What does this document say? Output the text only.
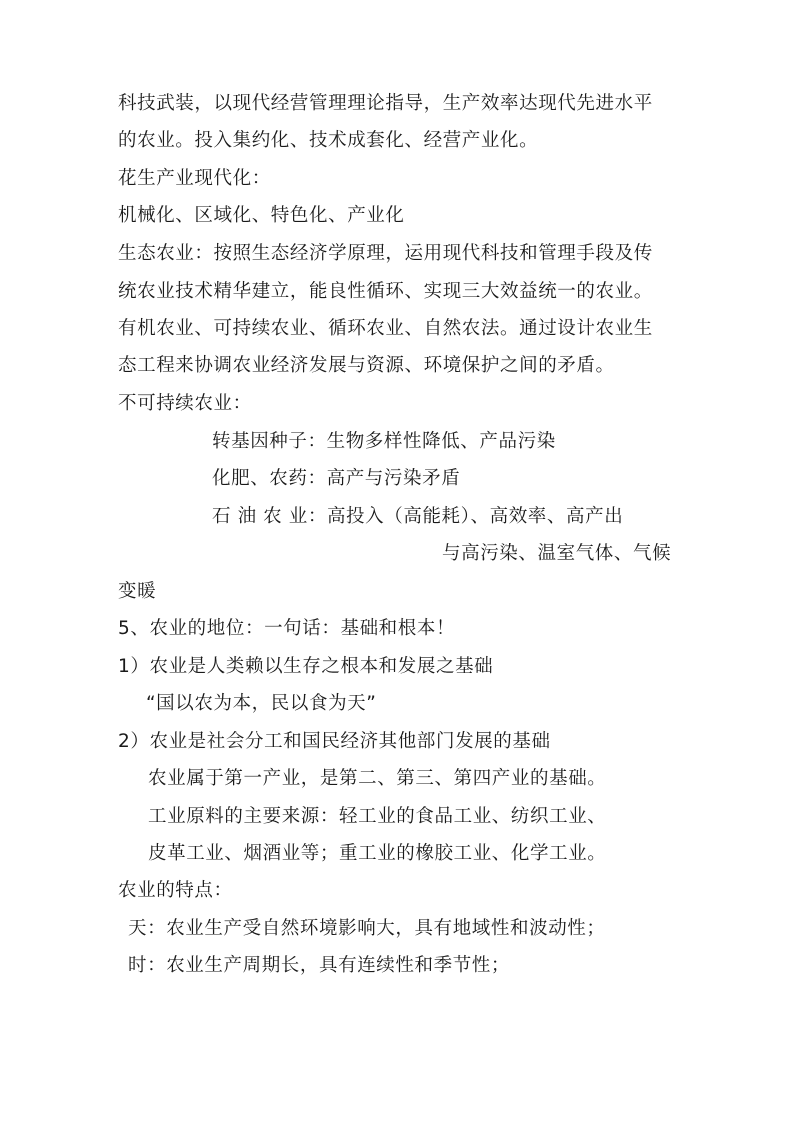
科技武装，以现代经营管理理论指导，生产效率达现代先进水平
的农业。投入集约化、技术成套化、经营产业化。
花生产业现代化：
机械化、区域化、特色化、产业化
生态农业：按照生态经济学原理，运用现代科技和管理手段及传
统农业技术精华建立，能良性循环、实现三大效益统一的农业。
有机农业、可持续农业、循环农业、自然农法。通过设计农业生
态工程来协调农业经济发展与资源、环境保护之间的矛盾。
不可持续农业：
转基因种子：生物多样性降低、产品污染
化肥、农药：高产与污染矛盾
石 油 农 业：高投入（高能耗）、高效率、高产出
与高污染、温室气体、气候
变暖
5、农业的地位：一句话：基础和根本！
1）农业是人类赖以生存之根本和发展之基础
“国以农为本，民以食为天”
2）农业是社会分工和国民经济其他部门发展的基础
农业属于第一产业，是第二、第三、第四产业的基础。
工业原料的主要来源：轻工业的食品工业、纺织工业、
皮革工业、烟酒业等；重工业的橡胶工业、化学工业。
农业的特点：
天：农业生产受自然环境影响大，具有地域性和波动性；
时：农业生产周期长，具有连续性和季节性；
